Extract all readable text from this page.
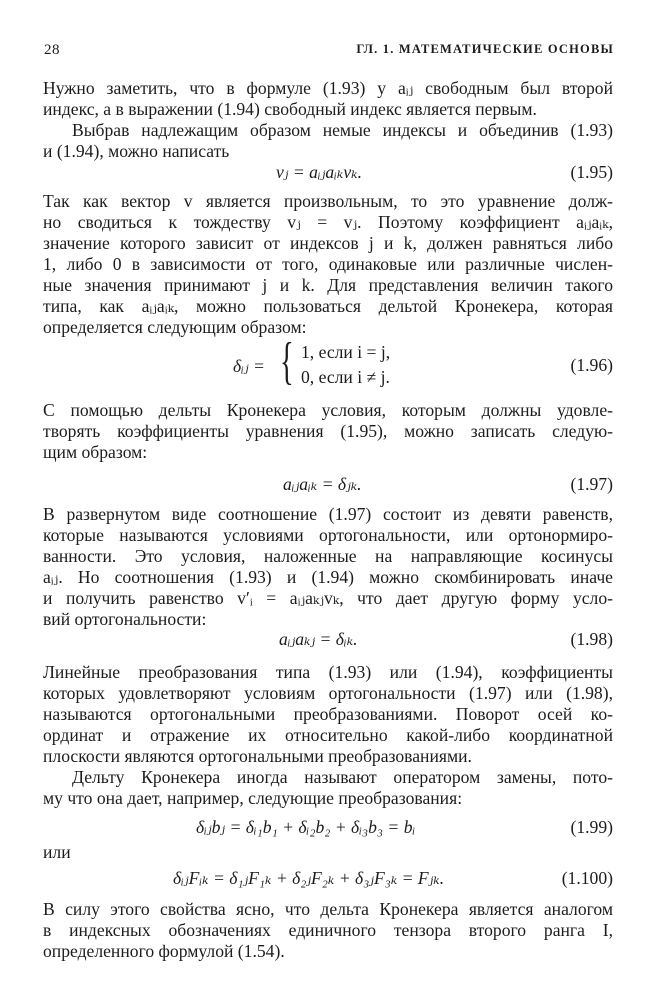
28	ГЛ. 1. МАТЕМАТИЧЕСКИЕ ОСНОВЫ
Нужно заметить, что в формуле (1.93) у aᵢⱼ свободным был второй
индекс, а в выражении (1.94) свободный индекс является первым.
Выбрав надлежащим образом немые индексы и объединив (1.93)
и (1.94), можно написать
vⱼ = aᵢⱼaᵢₖvₖ.	(1.95)
Так как вектор v является произвольным, то это уравнение долж-
но сводиться к тождеству vⱼ = vⱼ. Поэтому коэффициент aᵢⱼaᵢₖ,
значение которого зависит от индексов j и k, должен равняться либо
1, либо 0 в зависимости от того, одинаковые или различные числен-
ные значения принимают j и k. Для представления величин такого
типа, как aᵢⱼaᵢₖ, можно пользоваться дельтой Кронекера, которая
определяется следующим образом:
δᵢⱼ = { 1, если i = j,
0, если i ≠ j.
(1.96)
С помощью дельты Кронекера условия, которым должны удовле-
творять коэффициенты уравнения (1.95), можно записать следую-
щим образом:
aᵢⱼaᵢₖ = δⱼₖ.	(1.97)
В развернутом виде соотношение (1.97) состоит из девяти равенств,
которые называются условиями ортогональности, или ортонормиро-
ванности. Это условия, наложенные на направляющие косинусы
aᵢⱼ. Но соотношения (1.93) и (1.94) можно скомбинировать иначе
и получить равенство v′ᵢ = aᵢⱼaₖⱼvₖ, что дает другую форму усло-
вий ортогональности:
aᵢⱼaₖⱼ = δᵢₖ.	(1.98)
Линейные преобразования типа (1.93) или (1.94), коэффициенты
которых удовлетворяют условиям ортогональности (1.97) или (1.98),
называются ортогональными преобразованиями. Поворот осей ко-
ординат и отражение их относительно какой-либо координатной
плоскости являются ортогональными преобразованиями.
Дельту Кронекера иногда называют оператором замены, пото-
му что она дает, например, следующие преобразования:
δᵢⱼbⱼ = δᵢ₁b₁ + δᵢ₂b₂ + δᵢ₃b₃ = bᵢ	(1.99)
или
δᵢⱼFᵢₖ = δ₁ⱼF₁ₖ + δ₂ⱼF₂ₖ + δ₃ⱼF₃ₖ = Fⱼₖ.	(1.100)
В силу этого свойства ясно, что дельта Кронекера является аналогом
в индексных обозначениях единичного тензора второго ранга I,
определенного формулой (1.54).
